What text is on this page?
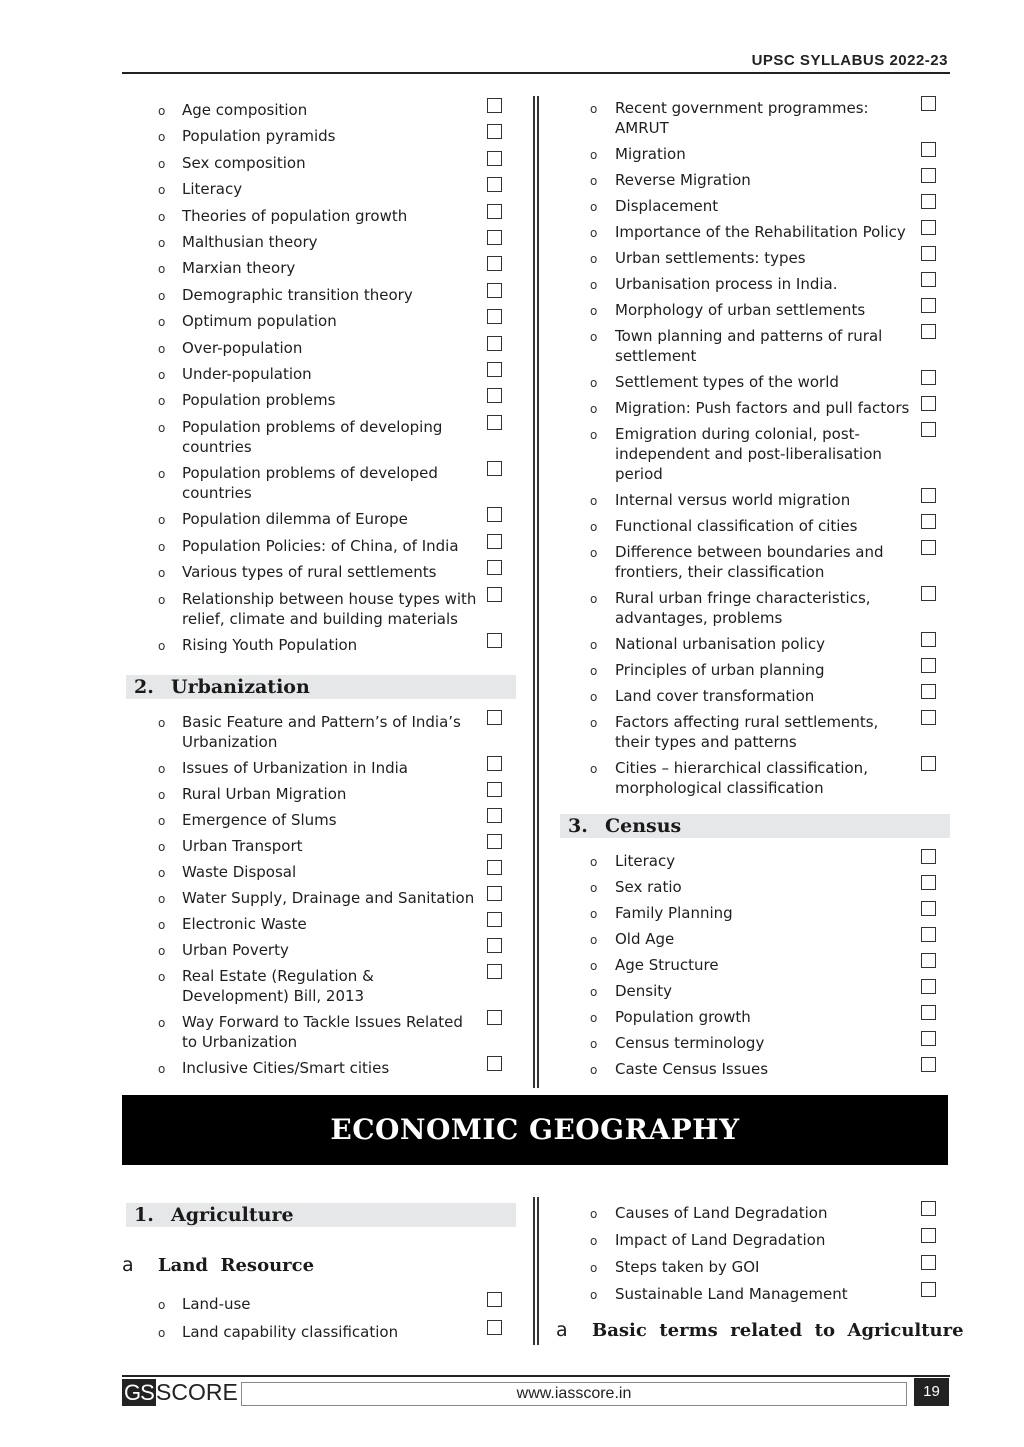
UPSC SYLLABUS 2022-23
o Age composition
o Population pyramids
o Sex composition
o Literacy
o Theories of population growth
o Malthusian theory
o Marxian theory
o Demographic transition theory
o Optimum population
o Over-population
o Under-population
o Population problems
o Population problems of developing countries
o Population problems of developed countries
o Population dilemma of Europe
o Population Policies: of China, of India
o Various types of rural settlements
o Relationship between house types with relief, climate and building materials
o Rising Youth Population
2. Urbanization
o Basic Feature and Pattern’s of India’s Urbanization
o Issues of Urbanization in India
o Rural Urban Migration
o Emergence of Slums
o Urban Transport
o Waste Disposal
o Water Supply, Drainage and Sanitation
o Electronic Waste
o Urban Poverty
o Real Estate (Regulation & Development) Bill, 2013
o Way Forward to Tackle Issues Related to Urbanization
o Inclusive Cities/Smart cities
o Recent government programmes: AMRUT
o Migration
o Reverse Migration
o Displacement
o Importance of the Rehabilitation Policy
o Urban settlements: types
o Urbanisation process in India.
o Morphology of urban settlements
o Town planning and patterns of rural settlement
o Settlement types of the world
o Migration: Push factors and pull factors
o Emigration during colonial, post-independent and post-liberalisation period
o Internal versus world migration
o Functional classification of cities
o Difference between boundaries and frontiers, their classification
o Rural urban fringe characteristics, advantages, problems
o National urbanisation policy
o Principles of urban planning
o Land cover transformation
o Factors affecting rural settlements, their types and patterns
o Cities – hierarchical classification, morphological classification
3. Census
o Literacy
o Sex ratio
o Family Planning
o Old Age
o Age Structure
o Density
o Population growth
o Census terminology
o Caste Census Issues
ECONOMIC GEOGRAPHY
1. Agriculture
a Land  Resource
o Land-use
o Land capability classification
o Causes of Land Degradation
o Impact of Land Degradation
o Steps taken by GOI
o Sustainable Land Management
a Basic  terms  related  to  Agriculture
GS SCORE	www.iasscore.in	19
